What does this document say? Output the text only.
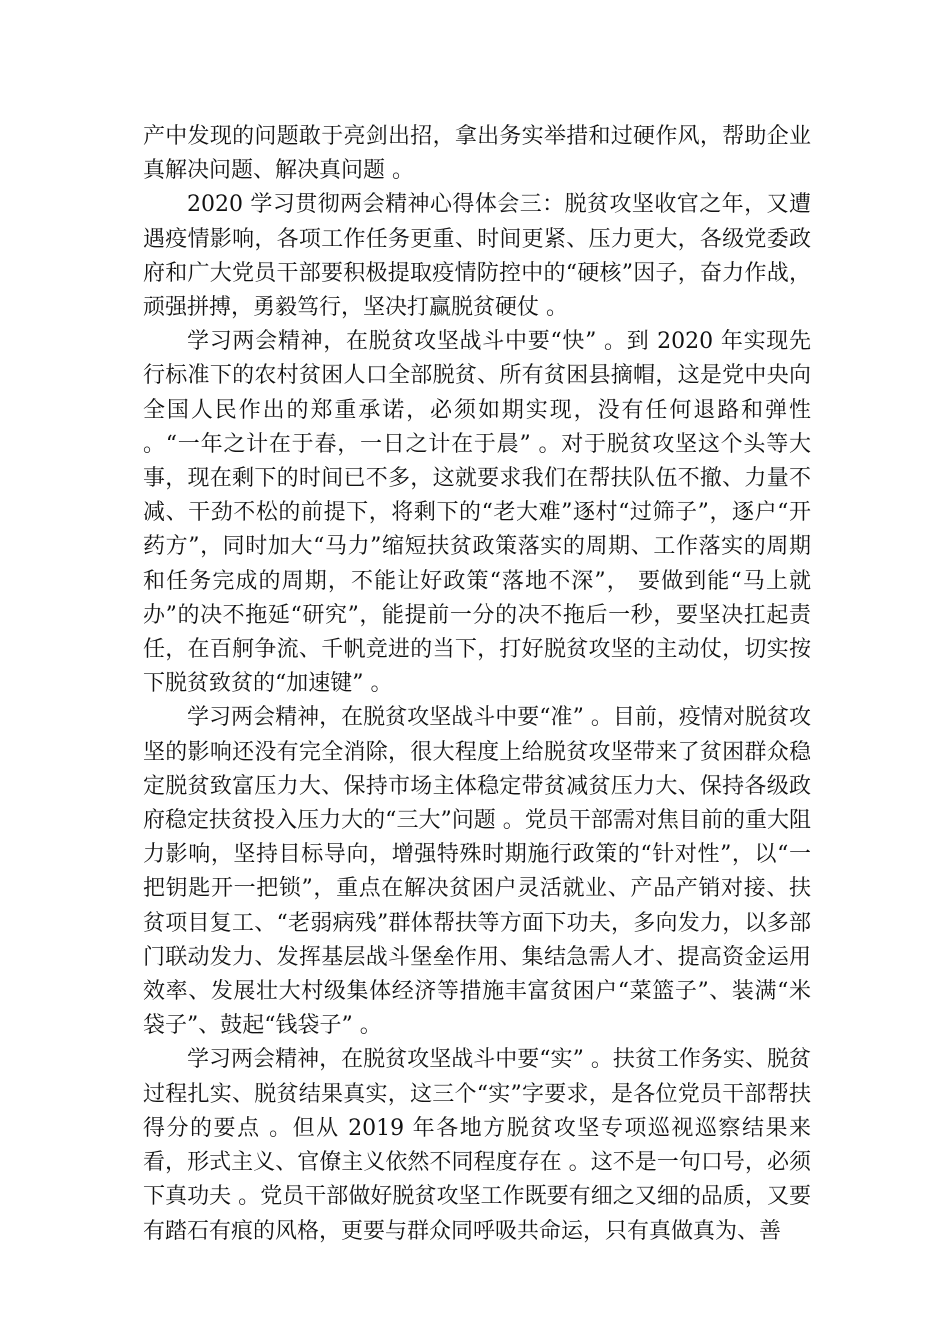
产中发现的问题敢于亮剑出招，拿出务实举措和过硬作风，帮助企业真解决问题、解决真问题 。

2020 学习贯彻两会精神心得体会三：脱贫攻坚收官之年，又遭遇疫情影响，各项工作任务更重、时间更紧、压力更大，各级党委政府和广大党员干部要积极提取疫情防控中的“硬核”因子，奋力作战，顽强拼搏，勇毅笃行，坚决打赢脱贫硬仗 。

学习两会精神，在脱贫攻坚战斗中要“快” 。到 2020 年实现先行标准下的农村贫困人口全部脱贫、所有贫困县摘帽，这是党中央向全国人民作出的郑重承诺，必须如期实现，没有任何退路和弹性 。“一年之计在于春，一日之计在于晨” 。对于脱贫攻坚这个头等大事，现在剩下的时间已不多，这就要求我们在帮扶队伍不撤、力量不减、干劲不松的前提下，将剩下的“老大难”逐村“过筛子”，逐户“开药方”，同时加大“马力”缩短扶贫政策落实的周期、工作落实的周期和任务完成的周期，不能让好政策“落地不深”， 要做到能“马上就办”的决不拖延“研究”，能提前一分的决不拖后一秒，要坚决扛起责任，在百舸争流、千帆竞进的当下，打好脱贫攻坚的主动仗，切实按下脱贫致贫的“加速键” 。

学习两会精神，在脱贫攻坚战斗中要“准” 。目前，疫情对脱贫攻坚的影响还没有完全消除，很大程度上给脱贫攻坚带来了贫困群众稳定脱贫致富压力大、保持市场主体稳定带贫减贫压力大、保持各级政府稳定扶贫投入压力大的“三大”问题 。党员干部需对焦目前的重大阻力影响，坚持目标导向，增强特殊时期施行政策的“针对性”，以“一把钥匙开一把锁”，重点在解决贫困户灵活就业、产品产销对接、扶贫项目复工、“老弱病残”群体帮扶等方面下功夫，多向发力，以多部门联动发力、发挥基层战斗堡垒作用、集结急需人才、提高资金运用效率、发展壮大村级集体经济等措施丰富贫困户“菜篮子”、装满“米袋子”、鼓起“钱袋子” 。

学习两会精神，在脱贫攻坚战斗中要“实” 。扶贫工作务实、脱贫过程扎实、脱贫结果真实，这三个“实”字要求，是各位党员干部帮扶得分的要点 。但从 2019 年各地方脱贫攻坚专项巡视巡察结果来看，形式主义、官僚主义依然不同程度存在 。这不是一句口号，必须下真功夫 。党员干部做好脱贫攻坚工作既要有细之又细的品质，又要有踏石有痕的风格，更要与群众同呼吸共命运，只有真做真为、善
